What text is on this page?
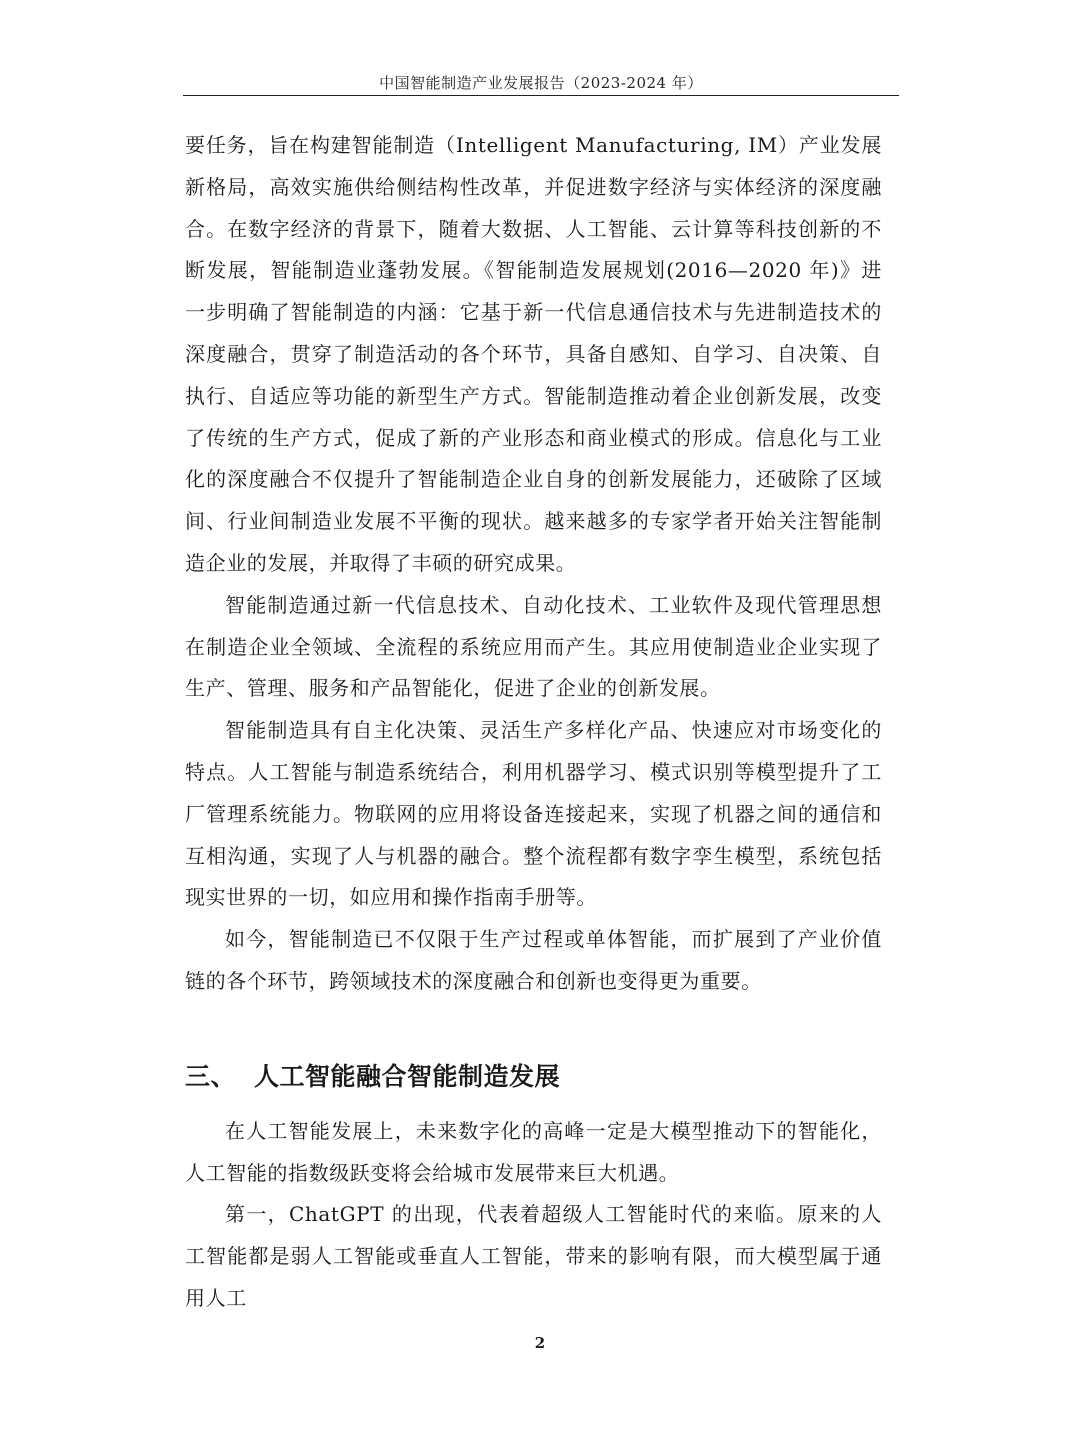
中国智能制造产业发展报告（2023-2024 年）

要任务，旨在构建智能制造（Intelligent Manufacturing, IM）产业发展新格局，高效实施供给侧结构性改革，并促进数字经济与实体经济的深度融合。在数字经济的背景下，随着大数据、人工智能、云计算等科技创新的不断发展，智能制造业蓬勃发展。《智能制造发展规划(2016—2020 年)》进一步明确了智能制造的内涵：它基于新一代信息通信技术与先进制造技术的深度融合，贯穿了制造活动的各个环节，具备自感知、自学习、自决策、自执行、自适应等功能的新型生产方式。智能制造推动着企业创新发展，改变了传统的生产方式，促成了新的产业形态和商业模式的形成。信息化与工业化的深度融合不仅提升了智能制造企业自身的创新发展能力，还破除了区域间、行业间制造业发展不平衡的现状。越来越多的专家学者开始关注智能制造企业的发展，并取得了丰硕的研究成果。

智能制造通过新一代信息技术、自动化技术、工业软件及现代管理思想在制造企业全领域、全流程的系统应用而产生。其应用使制造业企业实现了生产、管理、服务和产品智能化，促进了企业的创新发展。

智能制造具有自主化决策、灵活生产多样化产品、快速应对市场变化的特点。人工智能与制造系统结合，利用机器学习、模式识别等模型提升了工厂管理系统能力。物联网的应用将设备连接起来，实现了机器之间的通信和互相沟通，实现了人与机器的融合。整个流程都有数字孪生模型，系统包括现实世界的一切，如应用和操作指南手册等。

如今，智能制造已不仅限于生产过程或单体智能，而扩展到了产业价值链的各个环节，跨领域技术的深度融合和创新也变得更为重要。

三、 人工智能融合智能制造发展

在人工智能发展上，未来数字化的高峰一定是大模型推动下的智能化，人工智能的指数级跃变将会给城市发展带来巨大机遇。

第一，ChatGPT 的出现，代表着超级人工智能时代的来临。原来的人工智能都是弱人工智能或垂直人工智能，带来的影响有限，而大模型属于通用人工

2
